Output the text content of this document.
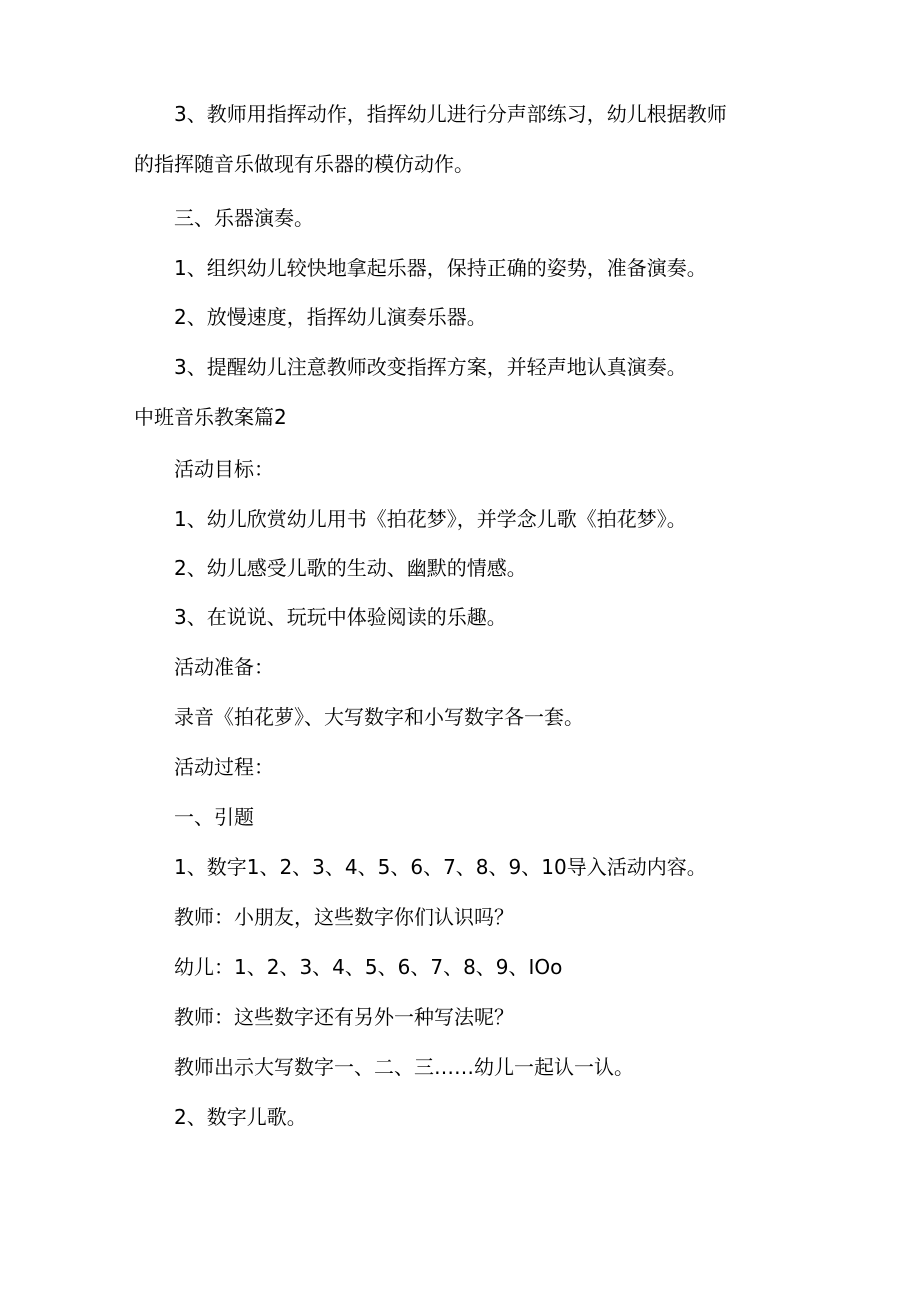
3、教师用指挥动作，指挥幼儿进行分声部练习，幼儿根据教师
的指挥随音乐做现有乐器的模仿动作。
三、乐器演奏。
1、组织幼儿较快地拿起乐器，保持正确的姿势，准备演奏。
2、放慢速度，指挥幼儿演奏乐器。
3、提醒幼儿注意教师改变指挥方案，并轻声地认真演奏。
中班音乐教案篇2
活动目标：
1、幼儿欣赏幼儿用书《拍花梦》，并学念儿歌《拍花梦》。
2、幼儿感受儿歌的生动、幽默的情感。
3、在说说、玩玩中体验阅读的乐趣。
活动准备：
录音《拍花萝》、大写数字和小写数字各一套。
活动过程：
一、引题
1、数字1、2、3、4、5、6、7、8、9、10导入活动内容。
教师：小朋友，这些数字你们认识吗？
幼儿：1、2、3、4、5、6、7、8、9、IOo
教师：这些数字还有另外一种写法呢？
教师出示大写数字一、二、三……幼儿一起认一认。
2、数字儿歌。
